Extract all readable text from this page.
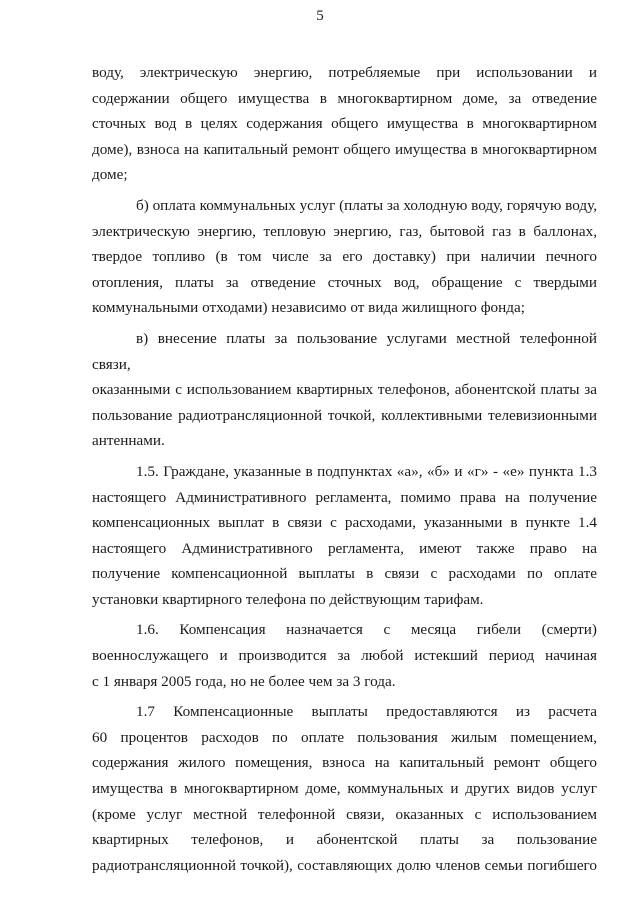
5
воду, электрическую энергию, потребляемые при использовании и
содержании общего имущества в многоквартирном доме, за отведение
сточных вод в целях содержания общего имущества в многоквартирном
доме), взноса на капитальный ремонт общего имущества в многоквартирном
доме;
б) оплата коммунальных услуг (платы за холодную воду, горячую воду,
электрическую энергию, тепловую энергию, газ, бытовой газ в баллонах,
твердое топливо (в том числе за его доставку) при наличии печного
отопления, платы за отведение сточных вод, обращение с твердыми
коммунальными отходами) независимо от вида жилищного фонда;
в) внесение платы за пользование услугами местной телефонной связи,
оказанными с использованием квартирных телефонов, абонентской платы за
пользование радиотрансляционной точкой, коллективными телевизионными
антеннами.
1.5. Граждане, указанные в подпунктах «а», «б» и «г» - «е» пункта 1.3
настоящего Административного регламента, помимо права на получение
компенсационных выплат в связи с расходами, указанными в пункте 1.4
настоящего Административного регламента, имеют также право на
получение компенсационной выплаты в связи с расходами по оплате
установки квартирного телефона по действующим тарифам.
1.6. Компенсация назначается с месяца гибели (смерти)
военнослужащего и производится за любой истекший период начиная
с 1 января 2005 года, но не более чем за 3 года.
1.7 Компенсационные выплаты предоставляются из расчета
60 процентов расходов по оплате пользования жилым помещением,
содержания жилого помещения, взноса на капитальный ремонт общего
имущества в многоквартирном доме, коммунальных и других видов услуг
(кроме услуг местной телефонной связи, оказанных с использованием
квартирных телефонов, и абонентской платы за пользование
радиотрансляционной точкой), составляющих долю членов семьи погибшего
